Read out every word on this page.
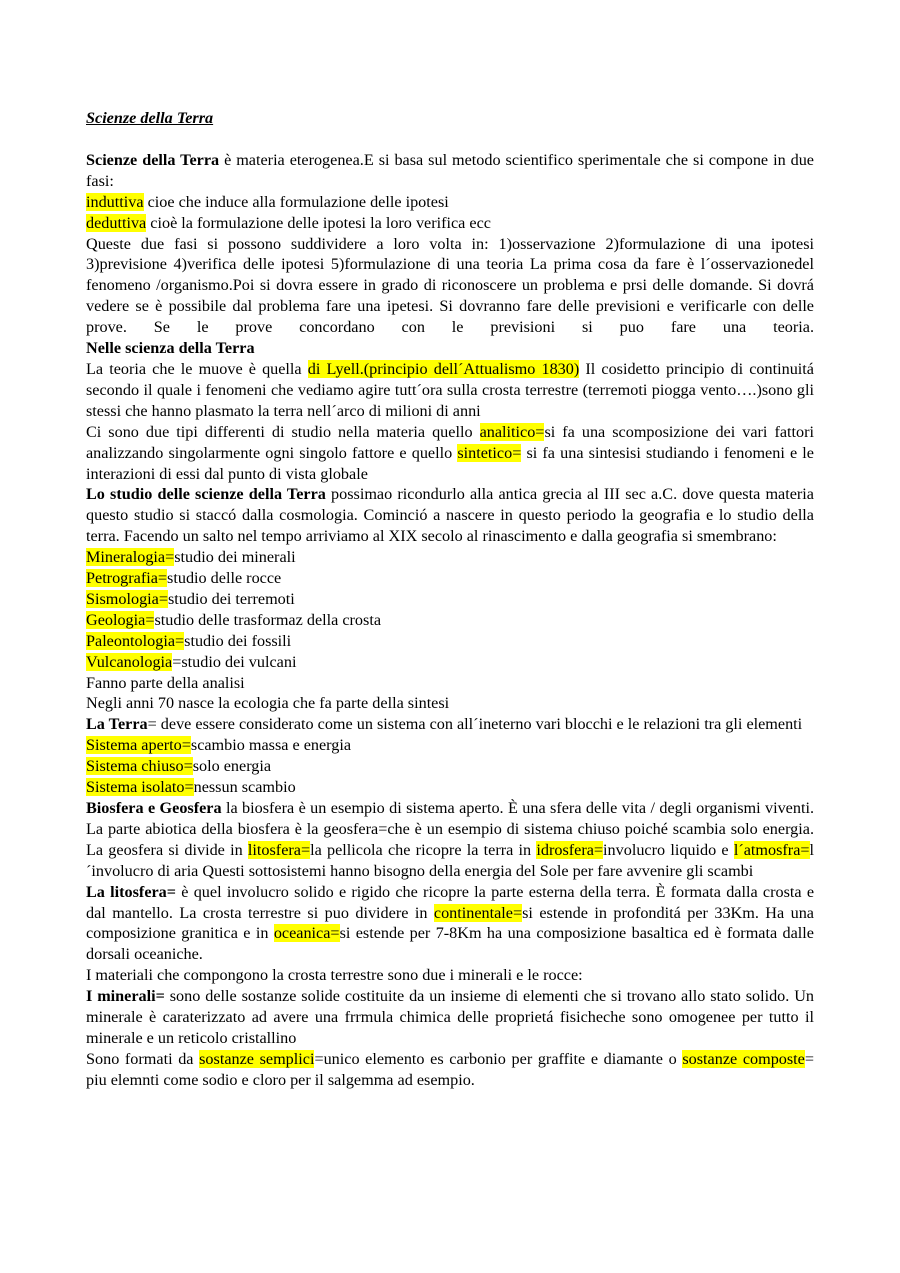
Scienze della Terra
Scienze della Terra è materia eterogenea.E si basa sul metodo scientifico sperimentale che si compone in due fasi:
induttiva cioe che induce alla formulazione delle ipotesi
deduttiva cioè la formulazione delle ipotesi la loro verifica ecc
Queste due fasi si possono suddividere a loro volta in: 1)osservazione 2)formulazione di una ipotesi 3)previsione 4)verifica delle ipotesi 5)formulazione di una teoria La prima cosa da fare è l´osservazionedel fenomeno /organismo.Poi si dovra essere in grado di riconoscere un problema e prsi delle domande. Si dovrá vedere se è possibile dal problema fare una ipetesi. Si dovranno fare delle previsioni e verificarle con delle prove. Se le prove concordano con le previsioni si puo fare una teoria.
Nelle scienza della Terra
La teoria che le muove è quella di Lyell.(principio dell´Attualismo 1830) Il cosidetto principio di continuitá secondo il quale i fenomeni che vediamo agire tutt´ora sulla crosta terrestre (terremoti piogga vento….)sono gli stessi che hanno plasmato la terra nell´arco di milioni di anni
Ci sono due tipi differenti di studio nella materia quello analitico=si fa una scomposizione dei vari fattori analizzando singolarmente ogni singolo fattore e quello sintetico= si fa una sintesisi studiando i fenomeni e le interazioni di essi dal punto di vista globale
Lo studio delle scienze della Terra possimao ricondurlo alla antica grecia al III sec a.C. dove questa materia questo studio si staccó dalla cosmologia. Cominció a nascere in questo periodo la geografia e lo studio della terra. Facendo un salto nel tempo arriviamo al XIX secolo al rinascimento e dalla geografia si smembrano:
Mineralogia=studio dei minerali
Petrografia=studio delle rocce
Sismologia=studio dei terremoti
Geologia=studio delle trasformaz della crosta
Paleontologia=studio dei fossili
Vulcanologia=studio dei vulcani
Fanno parte della analisi
Negli anni 70 nasce la ecologia che fa parte della sintesi
La Terra= deve essere considerato come un sistema con all´ineterno vari blocchi e le relazioni tra gli elementi
Sistema aperto=scambio massa e energia
Sistema chiuso=solo energia
Sistema isolato=nessun scambio
Biosfera e Geosfera la biosfera è un esempio di sistema aperto. È una sfera delle vita / degli organismi viventi. La parte abiotica della biosfera è la geosfera=che è un esempio di sistema chiuso poiché scambia solo energia. La geosfera si divide in litosfera=la pellicola che ricopre la terra in idrosfera=involucro liquido e l´atmosfra=l´involucro di aria Questi sottosistemi hanno bisogno della energia del Sole per fare avvenire gli scambi
La litosfera= è quel involucro solido e rigido che ricopre la parte esterna della terra. È formata dalla crosta e dal mantello. La crosta terrestre si puo dividere in continentale=si estende in profonditá per 33Km. Ha una composizione granitica e in oceanica=si estende per 7-8Km ha una composizione basaltica ed è formata dalle dorsali oceaniche.
I materiali che compongono la crosta terrestre sono due i minerali e le rocce:
I minerali= sono delle sostanze solide costituite da un insieme di elementi che si trovano allo stato solido. Un minerale è caraterizzato ad avere una frrmula chimica delle proprietá fisicheche sono omogenee per tutto il minerale e un reticolo cristallino
Sono formati da sostanze semplici=unico elemento es carbonio per graffite e diamante o sostanze composte= piu elemnti come sodio e cloro per il salgemma ad esempio.
